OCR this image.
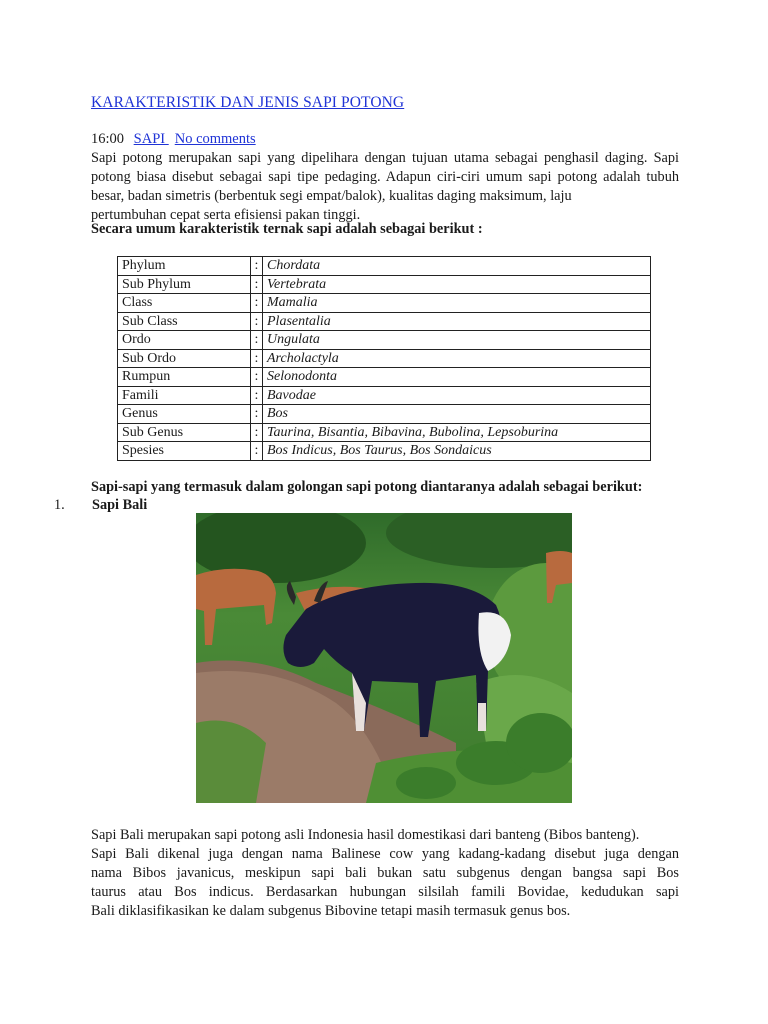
KARAKTERISTIK DAN JENIS SAPI POTONG
16:00 SAPI No comments
Sapi potong merupakan sapi yang dipelihara dengan tujuan utama sebagai penghasil daging. Sapi
potong biasa disebut sebagai sapi tipe pedaging. Adapun ciri-ciri umum sapi potong adalah tubuh
besar, badan simetris (berbentuk segi empat/balok), kualitas daging maksimum, laju
pertumbuhan cepat serta efisiensi pakan tinggi.
Secara umum karakteristik ternak sapi adalah sebagai berikut :
Phylum	:	Chordata
Sub Phylum	:	Vertebrata
Class	:	Mamalia
Sub Class	:	Plasentalia
Ordo	:	Ungulata
Sub Ordo	:	Archolactyla
Rumpun	:	Selonodonta
Famili	:	Bavodae
Genus	:	Bos
Sub Genus	:	Taurina, Bisantia, Bibavina, Bubolina, Lepsoburina
Spesies	:	Bos Indicus, Bos Taurus, Bos Sondaicus
Sapi-sapi yang termasuk dalam golongan sapi potong diantaranya adalah sebagai berikut:
1. Sapi Bali
Sapi Bali merupakan sapi potong asli Indonesia hasil domestikasi dari banteng (Bibos banteng).
Sapi Bali dikenal juga dengan nama Balinese cow yang kadang-kadang disebut juga dengan
nama Bibos javanicus, meskipun sapi bali bukan satu subgenus dengan bangsa sapi Bos
taurus atau Bos indicus. Berdasarkan hubungan silsilah famili Bovidae, kedudukan sapi
Bali diklasifikasikan ke dalam subgenus Bibovine tetapi masih termasuk genus bos.
